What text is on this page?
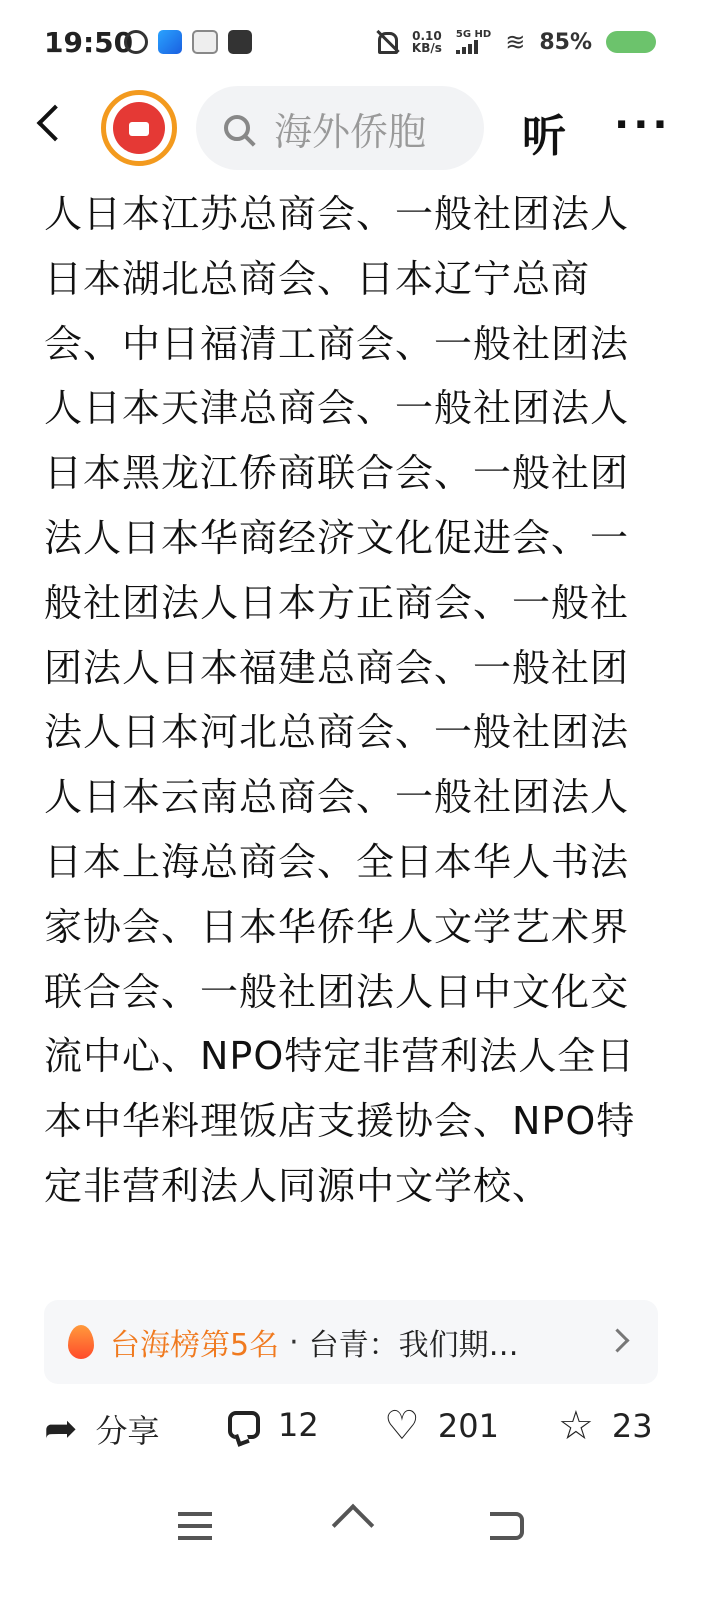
19:50	0.10
KB/s
5G HD ≋ 85%
海外侨胞	听 ···

人日本江苏总商会、一般社团法人日本湖北总商会、日本辽宁总商会、中日福清工商会、一般社团法人日本天津总商会、一般社团法人日本黑龙江侨商联合会、一般社团法人日本华商经济文化促进会、一般社团法人日本方正商会、一般社团法人日本福建总商会、一般社团法人日本河北总商会、一般社团法人日本云南总商会、一般社团法人日本上海总商会、全日本华人书法家协会、日本华侨华人文学艺术界联合会、一般社团法人日中文化交流中心、NPO特定非营利法人全日本中华料理饭店支援协会、NPO特定非营利法人同源中文学校、

台海榜第5名 · 台青：我们期…
➦ 分享	12 ♡ 201 ☆ 23
